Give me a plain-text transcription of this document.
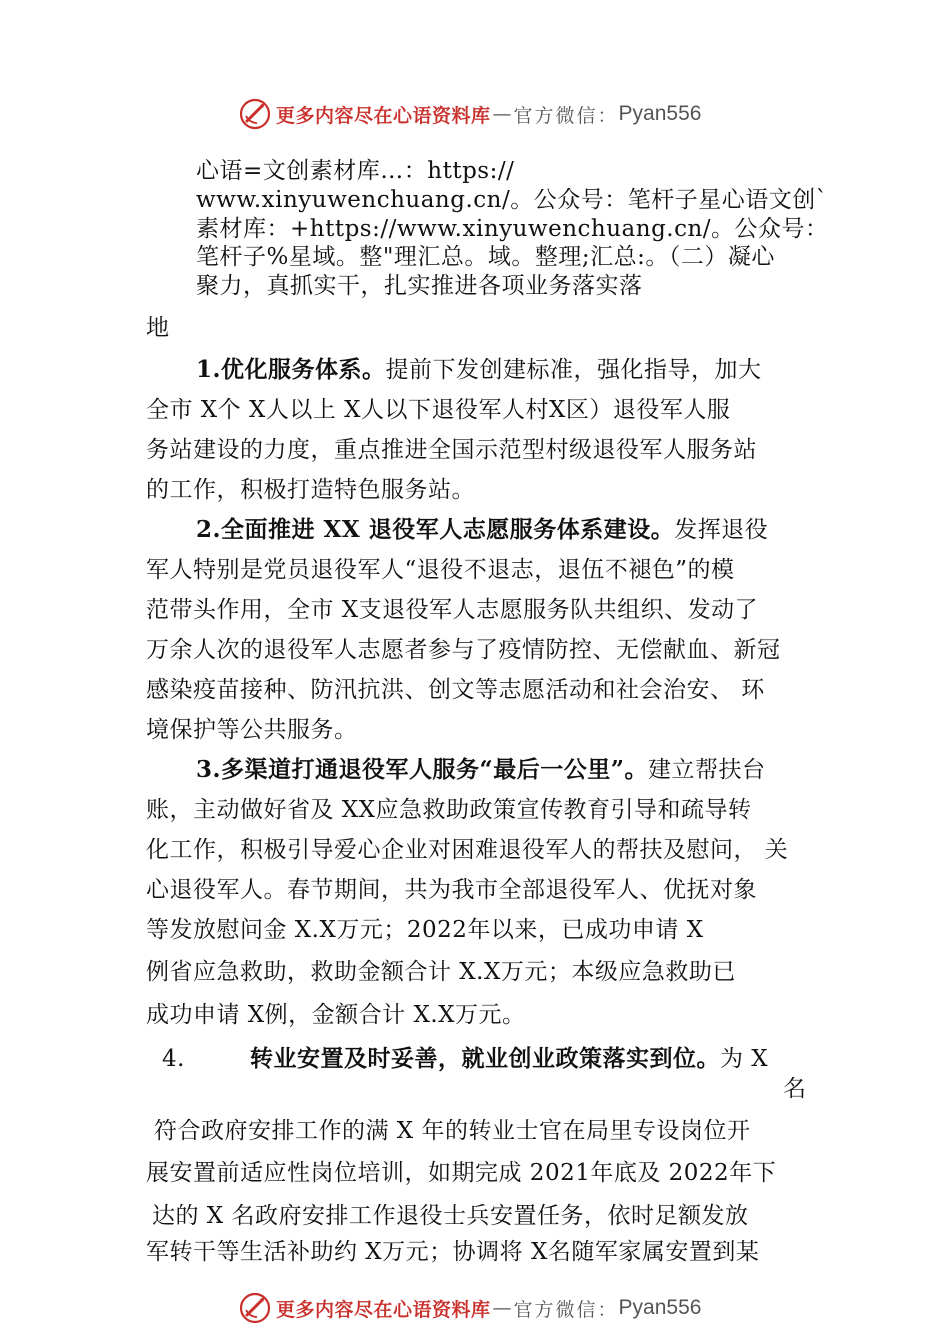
更多内容尽在心语资料库 — 官方微信： Pyan556
心语=文创素材库…：https://
www.xinyuwenchuang.cn/。公众号：笔杆子星心语文创`
素材库：+https://www.xinyuwenchuang.cn/。公众号：
笔杆子%星域。整"理汇总。域。整理;汇总:。（二）凝心
聚力，真抓实干，扎实推进各项业务落实落
地
1.优化服务体系。提前下发创建标准，强化指导，加大
全市 X个 X人以上 X人以下退役军人村X区）退役军人服
务站建设的力度，重点推进全国示范型村级退役军人服务站
的工作，积极打造特色服务站。
2.全面推进 XX 退役军人志愿服务体系建设。发挥退役
军人特别是党员退役军人“退役不退志，退伍不褪色”的模
范带头作用，全市 X支退役军人志愿服务队共组织、发动了
万余人次的退役军人志愿者参与了疫情防控、无偿献血、新冠
感染疫苗接种、防汛抗洪、创文等志愿活动和社会治安、 环
境保护等公共服务。
3.多渠道打通退役军人服务“最后一公里”。建立帮扶台
账，主动做好省及 XX应急救助政策宣传教育引导和疏导转
化工作，积极引导爱心企业对困难退役军人的帮扶及慰问， 关
心退役军人。春节期间，共为我市全部退役军人、优抚对象
等发放慰问金 X.X万元；2022年以来，已成功申请 X
例省应急救助，救助金额合计 X.X万元；本级应急救助已
成功申请 X例，金额合计 X.X万元。
4.	转业安置及时妥善，就业创业政策落实到位。为 X
名
符合政府安排工作的满 X 年的转业士官在局里专设岗位开
展安置前适应性岗位培训，如期完成 2021年底及 2022年下
达的 X 名政府安排工作退役士兵安置任务，依时足额发放
军转干等生活补助约 X万元；协调将 X名随军家属安置到某
更多内容尽在心语资料库 — 官方微信： Pyan556
